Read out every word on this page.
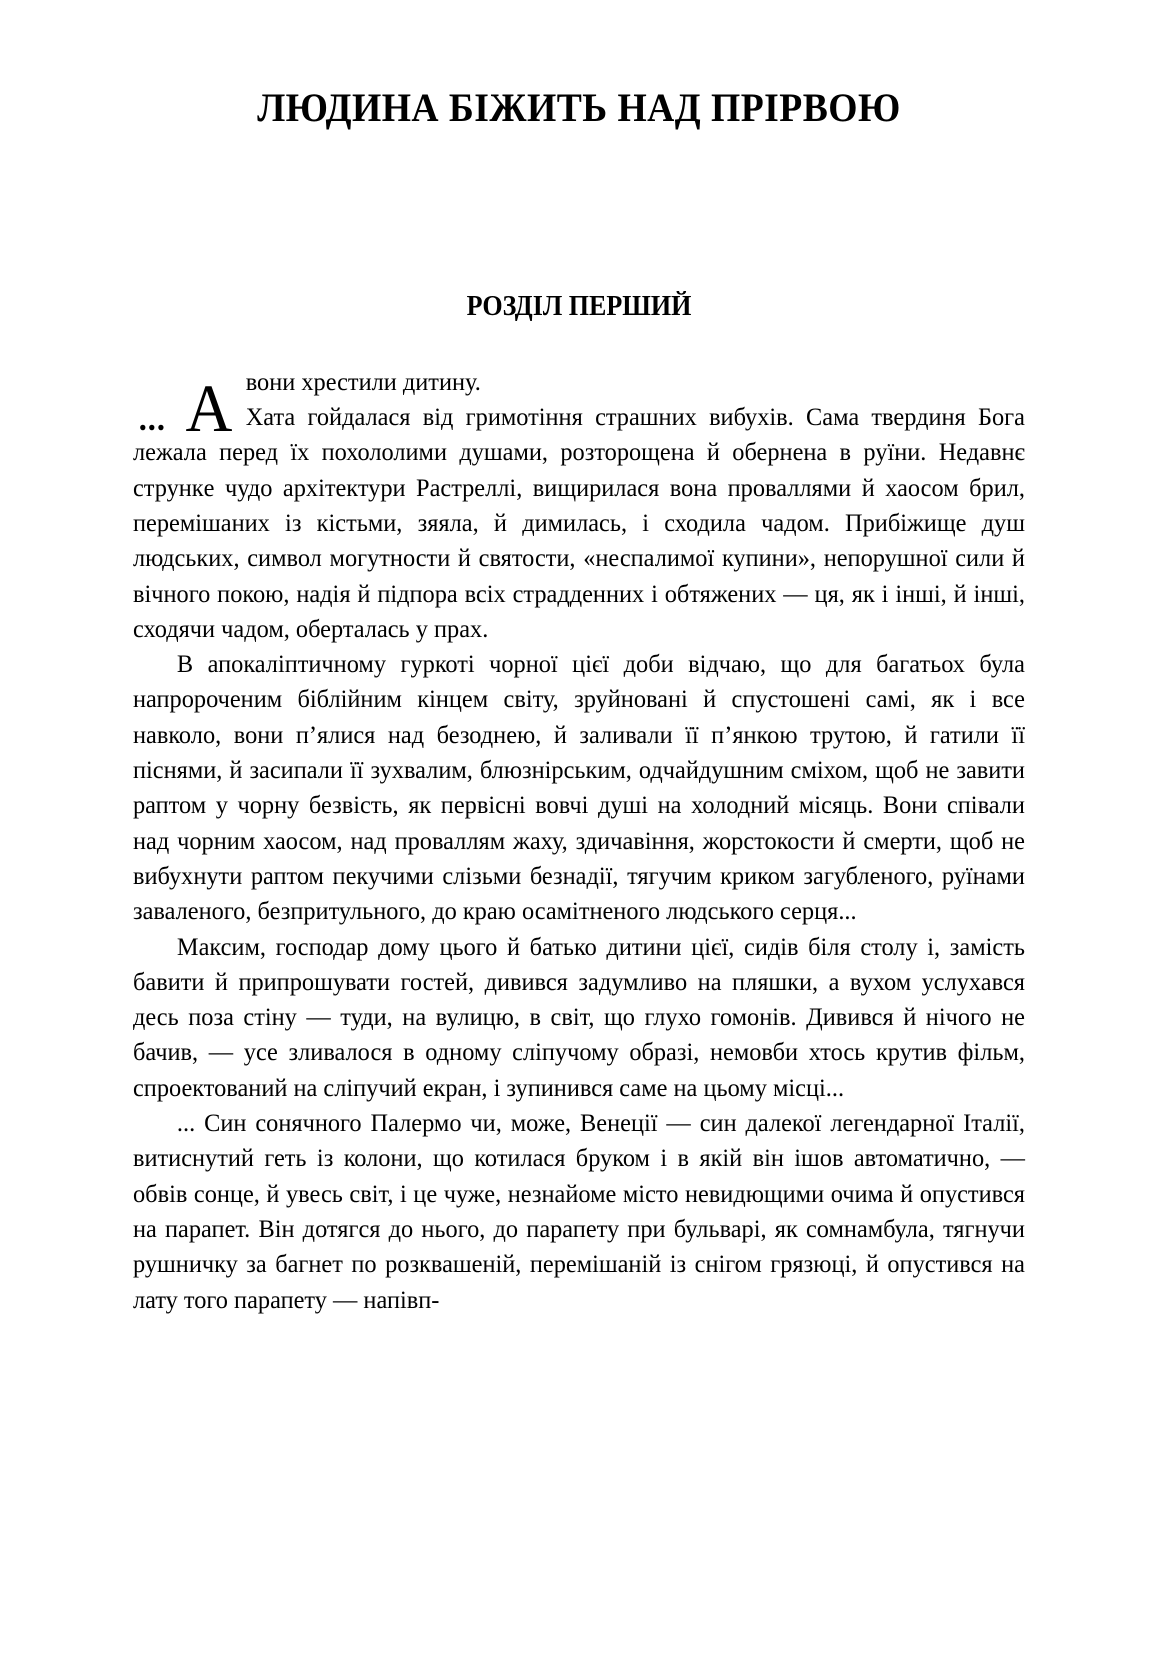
ЛЮДИНА БІЖИТЬ НАД ПРІРВОЮ
РОЗДІЛ ПЕРШИЙ

... А вони хрестили дитину.
Хата гойдалася від гримотіння страшних вибухів. Сама твердиня Бога лежала перед їх похололими душами, розторощена й обернена в руїни. Недавнє стрункe чудо архітектури Растреллі, вищирилася вона проваллями й хаосом брил, перемішаних із кістьми, зяяла, й димилась, і сходила чадом. Прибіжище душ людських, символ могутности й святости, «неспалимої купини», непорушної сили й вічного покою, надія й підпора всіх страдденних і обтяжених — ця, як і інші, й інші, сходячи чадом, оберталась у прах.

В апокаліптичному гуркоті чорної цієї доби відчаю, що для багатьох була напророченим біблійним кінцем світу, зруйновані й спустошені самі, як і все навколо, вони п’ялися над безоднею, й заливали її п’янкою трутою, й гатили її піснями, й засипали її зухвалим, блюзнірським, одчайдушним сміхом, щоб не завити раптом у чорну безвість, як первісні вовчі душі на холодний місяць. Вони співали над чорним хаосом, над проваллям жаху, здичавіння, жорстокости й смерти, щоб не вибухнути раптом пекучими слізьми безнадії, тягучим криком загубленого, руїнами заваленого, безпритульного, до краю осамітненого людського серця...

Максим, господар дому цього й батько дитини цієї, сидів біля столу і, замість бавити й припрошувати гостей, дивився задумливо на пляшки, а вухом услухався десь поза стіну — туди, на вулицю, в світ, що глухо гомонів. Дивився й нічого не бачив, — усе зливалося в одному сліпучому образі, немовби хтось крутив фільм, спроектований на сліпучий екран, і зупинився саме на цьому місці...

... Син сонячного Палермо чи, може, Венеції — син далекої легендарної Італії, витиснутий геть із колони, що котилася бруком і в якій він ішов автоматично, — обвів сонце, й увесь світ, і це чуже, незнайоме місто невидющими очима й опустився на парапет. Він дотягся до нього, до парапету при бульварі, як сомнамбула, тягнучи рушничку за багнет по розквашеній, перемішаній із снігом грязюці, й опустився на лату того парапету — напівп-
